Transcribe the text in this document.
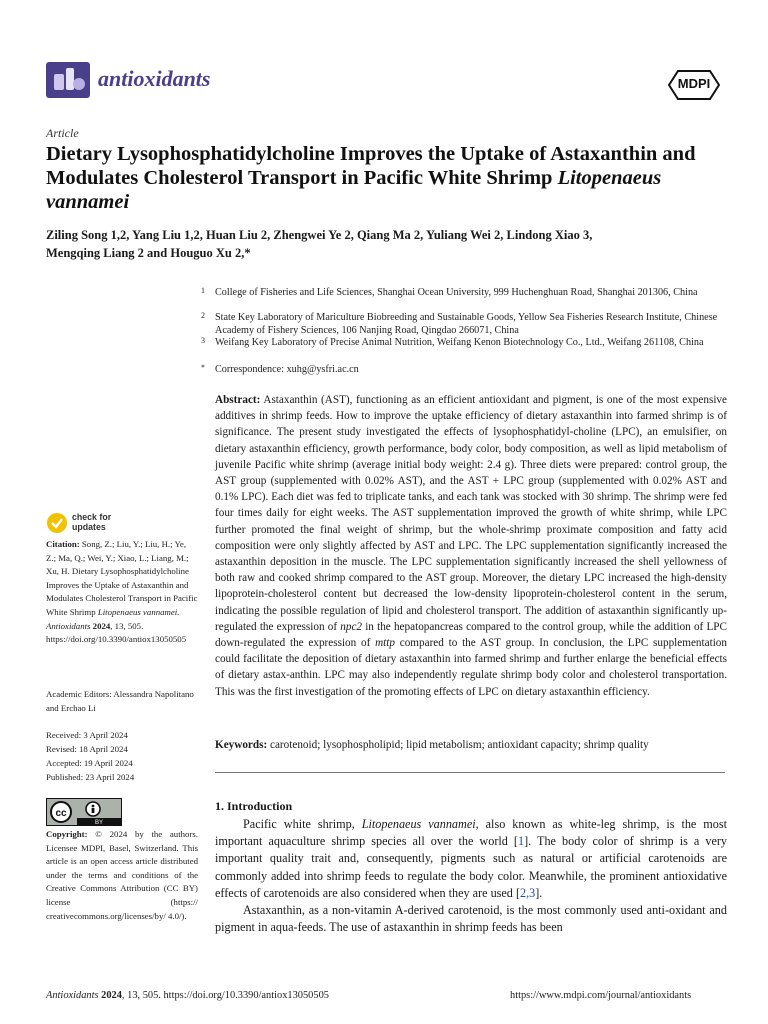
antioxidants	MDPI
Article
Dietary Lysophosphatidylcholine Improves the Uptake of Astaxanthin and Modulates Cholesterol Transport in Pacific White Shrimp Litopenaeus vannamei
Ziling Song 1,2, Yang Liu 1,2, Huan Liu 2, Zhengwei Ye 2, Qiang Ma 2, Yuliang Wei 2, Lindong Xiao 3,
Mengqing Liang 2 and Houguo Xu 2,*
1 College of Fisheries and Life Sciences, Shanghai Ocean University, 999 Huchenghuan Road, Shanghai 201306, China
2 State Key Laboratory of Mariculture Biobreeding and Sustainable Goods, Yellow Sea Fisheries Research Institute, Chinese Academy of Fishery Sciences, 106 Nanjing Road, Qingdao 266071, China
3 Weifang Key Laboratory of Precise Animal Nutrition, Weifang Kenon Biotechnology Co., Ltd., Weifang 261108, China
* Correspondence: xuhg@ysfri.ac.cn
Abstract: Astaxanthin (AST), functioning as an efficient antioxidant and pigment, is one of the most expensive additives in shrimp feeds. How to improve the uptake efficiency of dietary astaxanthin into farmed shrimp is of significance. The present study investigated the effects of lysophosphatidyl-choline (LPC), an emulsifier, on dietary astaxanthin efficiency, growth performance, body color, body composition, as well as lipid metabolism of juvenile Pacific white shrimp (average initial body weight: 2.4 g). Three diets were prepared: control group, the AST group (supplemented with 0.02% AST), and the AST + LPC group (supplemented with 0.02% AST and 0.1% LPC). Each diet was fed to triplicate tanks, and each tank was stocked with 30 shrimp. The shrimp were fed four times daily for eight weeks. The AST supplementation improved the growth of white shrimp, while LPC further promoted the final weight of shrimp, but the whole-shrimp proximate composition and fatty acid composition were only slightly affected by AST and LPC. The LPC supplementation significantly increased the astaxanthin deposition in the muscle. The LPC supplementation significantly increased the shell yellowness of both raw and cooked shrimp compared to the AST group. Moreover, the dietary LPC increased the high-density lipoprotein-cholesterol content but decreased the low-density lipoprotein-cholesterol content in the serum, indicating the possible regulation of lipid and cholesterol transport. The addition of astaxanthin significantly up-regulated the expression of npc2 in the hepatopancreas compared to the control group, while the addition of LPC down-regulated the expression of mttp compared to the AST group. In conclusion, the LPC supplementation could facilitate the deposition of dietary astaxanthin into farmed shrimp and further enlarge the beneficial effects of dietary astax-anthin. LPC may also independently regulate shrimp body color and cholesterol transportation. This was the first investigation of the promoting effects of LPC on dietary astaxanthin efficiency.
Keywords: carotenoid; lysophospholipid; lipid metabolism; antioxidant capacity; shrimp quality
check for
updates
Citation: Song, Z.; Liu, Y.; Liu, H.; Ye, Z.; Ma, Q.; Wei, Y.; Xiao, L.; Liang, M.; Xu, H. Dietary Lysophosphatidylcholine Improves the Uptake of Astaxanthin and Modulates Cholesterol Transport in Pacific White Shrimp Litopenaeus vannamei. Antioxidants 2024, 13, 505. https://doi.org/10.3390/antiox13050505
Academic Editors: Alessandra Napolitano and Erchao Li
Received: 3 April 2024
Revised: 18 April 2024
Accepted: 19 April 2024
Published: 23 April 2024
cc
BY
Copyright: © 2024 by the authors. Licensee MDPI, Basel, Switzerland. This article is an open access article distributed under the terms and conditions of the Creative Commons Attribution (CC BY) license (https:// creativecommons.org/licenses/by/ 4.0/).
1. Introduction

Pacific white shrimp, Litopenaeus vannamei, also known as white-leg shrimp, is the most important aquaculture shrimp species all over the world [1]. The body color of shrimp is a very important quality trait and, consequently, pigments such as natural or artificial carotenoids are commonly added into shrimp feeds to regulate the body color. Meanwhile, the prominent antioxidative effects of carotenoids are also considered when they are used [2,3].

Astaxanthin, as a non-vitamin A-derived carotenoid, is the most commonly used anti-oxidant and pigment in aqua-feeds. The use of astaxanthin in shrimp feeds has been

Antioxidants 2024, 13, 505. https://doi.org/10.3390/antiox13050505	https://www.mdpi.com/journal/antioxidants
